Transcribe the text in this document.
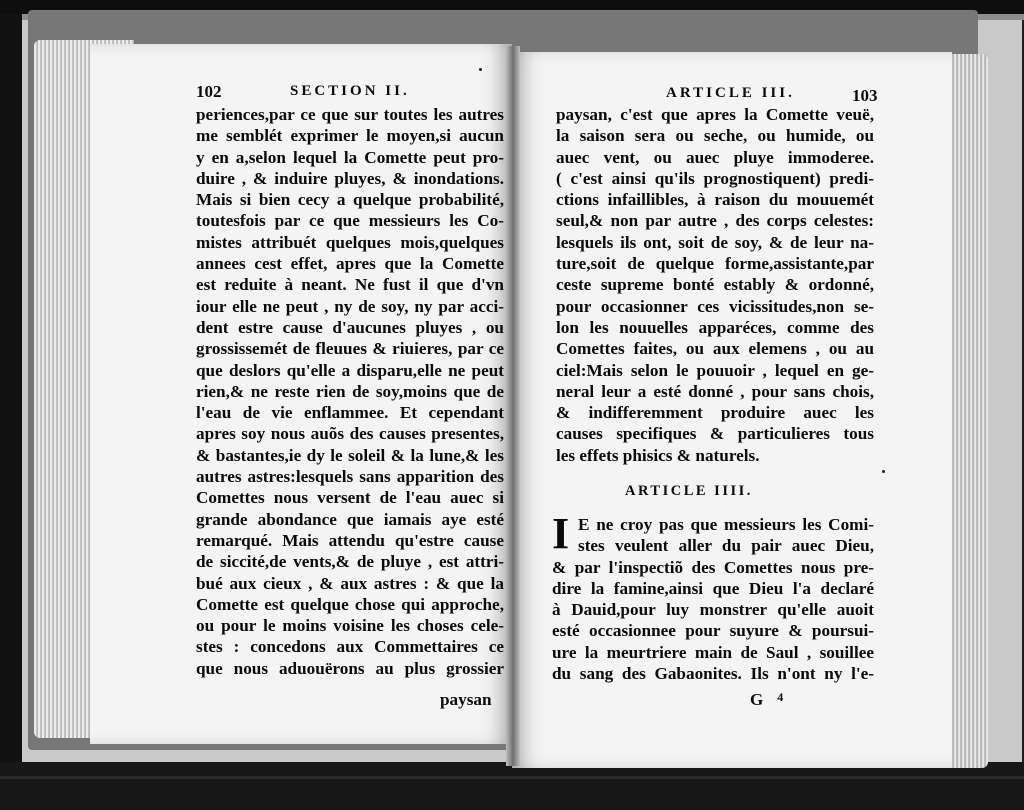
102	SECTION II.
periences,par ce que sur toutes les autres
me semblét exprimer le moyen,si aucun
y en a,selon lequel la Comette peut pro-
duire , & induire pluyes, & inondations.
Mais si bien cecy a quelque probabilité,
toutesfois par ce que messieurs les Co-
mistes attribuét quelques mois,quelques
annees cest effet, apres que la Comette
est reduite à neant. Ne fust il que d'vn
iour elle ne peut , ny de soy, ny par acci-
dent estre cause d'aucunes pluyes , ou
grossissemét de fleuues & riuieres, par ce
que deslors qu'elle a disparu,elle ne peut
rien,& ne reste rien de soy,moins que de
l'eau de vie enflammee. Et cependant
apres soy nous auõs des causes presentes,
& bastantes,ie dy le soleil & la lune,& les
autres astres:lesquels sans apparition des
Comettes nous versent de l'eau auec si
grande abondance que iamais aye esté
remarqué. Mais attendu qu'estre cause
de siccité,de vents,& de pluye , est attri-
bué aux cieux , & aux astres : & que la
Comette est quelque chose qui approche,
ou pour le moins voisine les choses cele-
stes : concedons aux Commettaires ce
que nous aduouërons au plus grossier
paysan
ARTICLE III.	103
paysan, c'est que apres la Comette veuë,
la saison sera ou seche, ou humide, ou
auec vent, ou auec pluye immoderee.
( c'est ainsi qu'ils prognostiquent) predi-
ctions infaillibles, à raison du mouuemét
seul,& non par autre , des corps celestes:
lesquels ils ont, soit de soy, & de leur na-
ture,soit de quelque forme,assistante,par
ceste supreme bonté estably & ordonné,
pour occasionner ces vicissitudes,non se-
lon les nouuelles apparéces, comme des
Comettes faites, ou aux elemens , ou au
ciel:Mais selon le pouuoir , lequel en ge-
neral leur a esté donné , pour sans chois,
& indifferemment produire auec les
causes specifiques & particulieres tous
les effets phisics & naturels.
ARTICLE IIII.
I E ne croy pas que messieurs les Comi-
stes veulent aller du pair auec Dieu,
& par l'inspectiõ des Comettes nous pre-
dire la famine,ainsi que Dieu l'a declaré
à Dauid,pour luy monstrer qu'elle auoit
esté occasionnee pour suyure & poursui-
ure la meurtriere main de Saul , souillee
du sang des Gabaonites. Ils n'ont ny l'e-
G $^4$
